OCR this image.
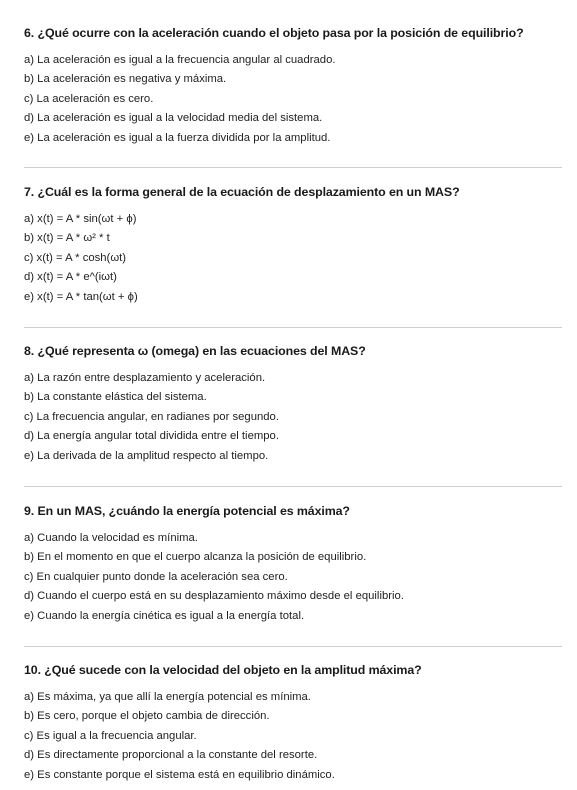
6. ¿Qué ocurre con la aceleración cuando el objeto pasa por la posición de equilibrio?
a) La aceleración es igual a la frecuencia angular al cuadrado.
b) La aceleración es negativa y máxima.
c) La aceleración es cero.
d) La aceleración es igual a la velocidad media del sistema.
e) La aceleración es igual a la fuerza dividida por la amplitud.
7. ¿Cuál es la forma general de la ecuación de desplazamiento en un MAS?
a) x(t) = A * sin(ωt + ϕ)
b) x(t) = A * ω² * t
c) x(t) = A * cosh(ωt)
d) x(t) = A * e^(iωt)
e) x(t) = A * tan(ωt + ϕ)
8. ¿Qué representa ω (omega) en las ecuaciones del MAS?
a) La razón entre desplazamiento y aceleración.
b) La constante elástica del sistema.
c) La frecuencia angular, en radianes por segundo.
d) La energía angular total dividida entre el tiempo.
e) La derivada de la amplitud respecto al tiempo.
9. En un MAS, ¿cuándo la energía potencial es máxima?
a) Cuando la velocidad es mínima.
b) En el momento en que el cuerpo alcanza la posición de equilibrio.
c) En cualquier punto donde la aceleración sea cero.
d) Cuando el cuerpo está en su desplazamiento máximo desde el equilibrio.
e) Cuando la energía cinética es igual a la energía total.
10. ¿Qué sucede con la velocidad del objeto en la amplitud máxima?
a) Es máxima, ya que allí la energía potencial es mínima.
b) Es cero, porque el objeto cambia de dirección.
c) Es igual a la frecuencia angular.
d) Es directamente proporcional a la constante del resorte.
e) Es constante porque el sistema está en equilibrio dinámico.
